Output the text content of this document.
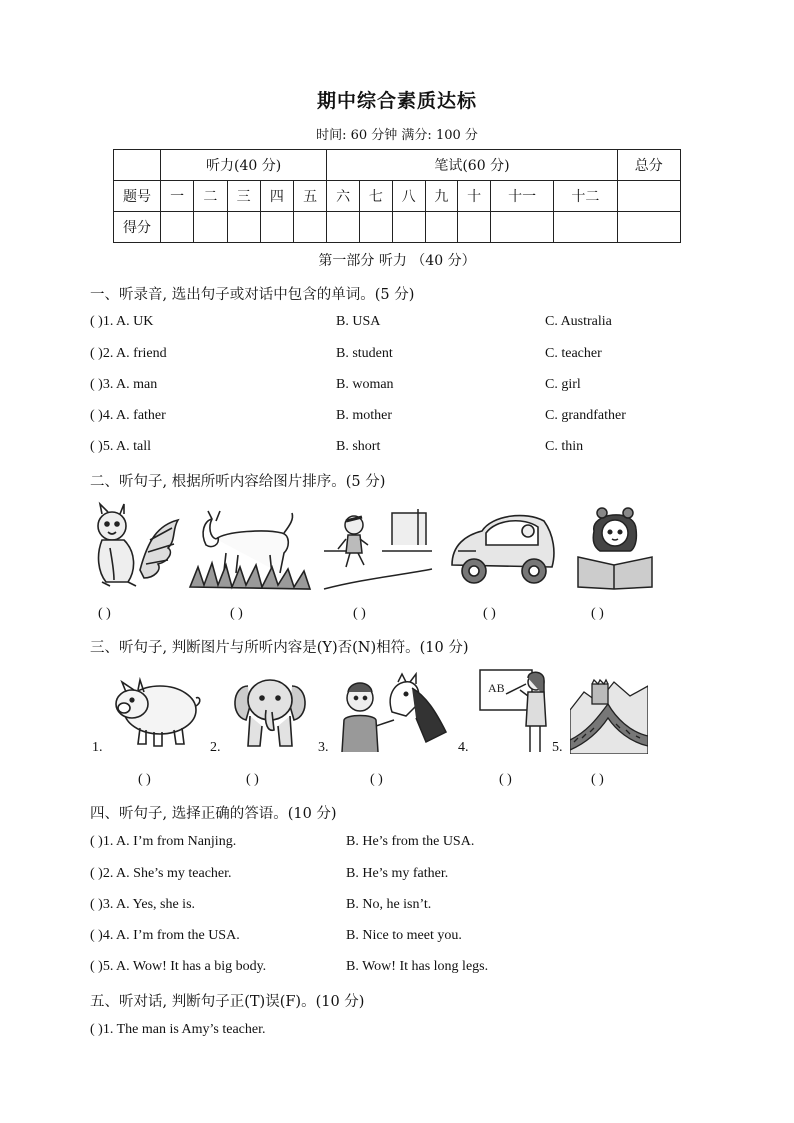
期中综合素质达标
时间: 60 分钟 满分: 100 分
	听力(40 分)					笔试(60 分)							总分
题号	一	二	三	四	五	六	七	八	九	十	十一	十二	
得分													
第一部分 听力 （40 分）
一、听录音, 选出句子或对话中包含的单词。(5 分)
( )1. A. UK	B. USA	C. Australia
( )2. A. friend	B. student	C. teacher
( )3. A. man	B. woman	C. girl
( )4. A. father	B. mother	C. grandfather
( )5. A. tall	B. short	C. thin
二、听句子, 根据所听内容给图片排序。(5 分)
( )	( )	( )	( )	( )
三、听句子, 判断图片与所听内容是(Y)否(N)相符。(10 分)
1.	2.	3.	4.
AB
5.
( )	( )	( )	( )	( )
四、听句子, 选择正确的答语。(10 分)
( )1. A. I’m from Nanjing.	B. He’s from the USA.
( )2. A. She’s my teacher.	B. He’s my father.
( )3. A. Yes, she is.	B. No, he isn’t.
( )4. A. I’m from the USA.	B. Nice to meet you.
( )5. A. Wow! It has a big body.	B. Wow! It has long legs.
五、听对话, 判断句子正(T)误(F)。(10 分)
( )1. The man is Amy’s teacher.
